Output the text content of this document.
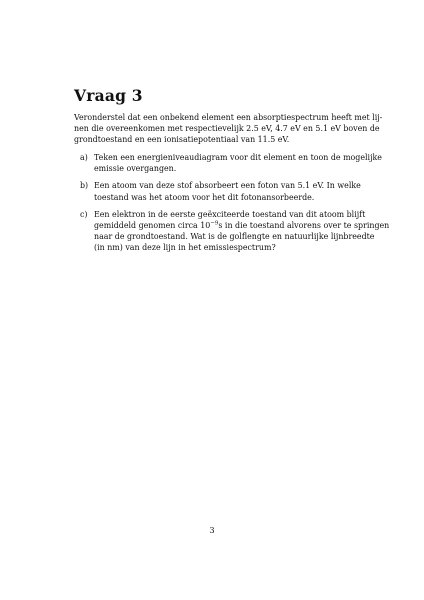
Vraag 3

Veronderstel dat een onbekend element een absorptiespectrum heeft met lij-
nen die overeenkomen met respectievelijk 2.5 eV, 4.7 eV en 5.1 eV boven de
grondtoestand en een ionisatiepotentiaal van 11.5 eV.

a) Teken een energieniveaudiagram voor dit element en toon de mogelijke
emissie overgangen.
b) Een atoom van deze stof absorbeert een foton van 5.1 eV. In welke
toestand was het atoom voor het dit fotonansorbeerde.
c) Een elektron in de eerste geëxciteerde toestand van dit atoom blijft
gemiddeld genomen circa $10^{-9}s$ in die toestand alvorens over te springen
naar de grondtoestand. Wat is de golflengte en natuurlijke lijnbreedte
(in nm) van deze lijn in het emissiespectrum?
3
